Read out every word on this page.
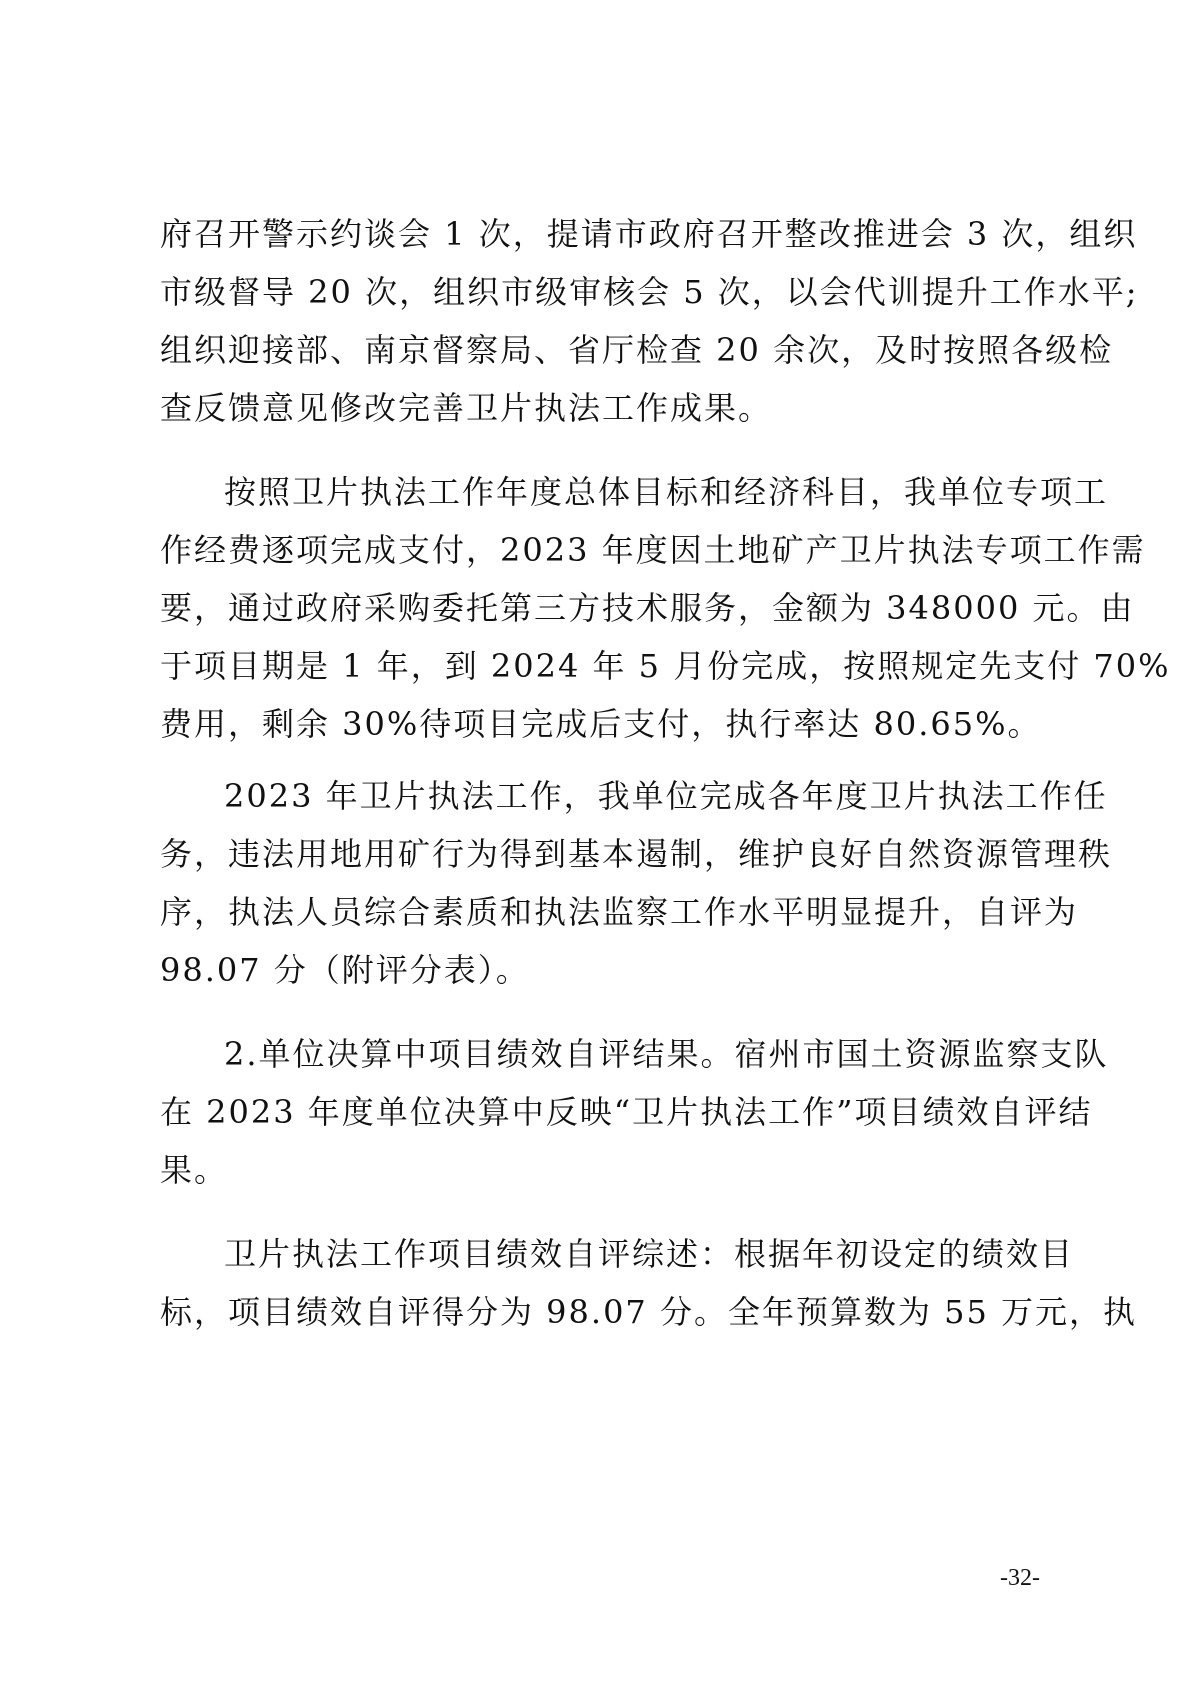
府召开警示约谈会 1 次，提请市政府召开整改推进会 3 次，组织
市级督导 20 次，组织市级审核会 5 次，以会代训提升工作水平;
组织迎接部、南京督察局、省厅检查 20 余次，及时按照各级检
查反馈意见修改完善卫片执法工作成果。
按照卫片执法工作年度总体目标和经济科目，我单位专项工
作经费逐项完成支付，2023 年度因土地矿产卫片执法专项工作需
要，通过政府采购委托第三方技术服务，金额为 348000 元。由
于项目期是 1 年，到 2024 年 5 月份完成，按照规定先支付 70%
费用，剩余 30%待项目完成后支付，执行率达 80.65%。
2023 年卫片执法工作，我单位完成各年度卫片执法工作任
务，违法用地用矿行为得到基本遏制，维护良好自然资源管理秩
序，执法人员综合素质和执法监察工作水平明显提升，自评为
98.07 分（附评分表）。
2.单位决算中项目绩效自评结果。宿州市国土资源监察支队
在 2023 年度单位决算中反映“卫片执法工作”项目绩效自评结
果。
卫片执法工作项目绩效自评综述：根据年初设定的绩效目
标，项目绩效自评得分为 98.07 分。全年预算数为 55 万元，执
-32-
